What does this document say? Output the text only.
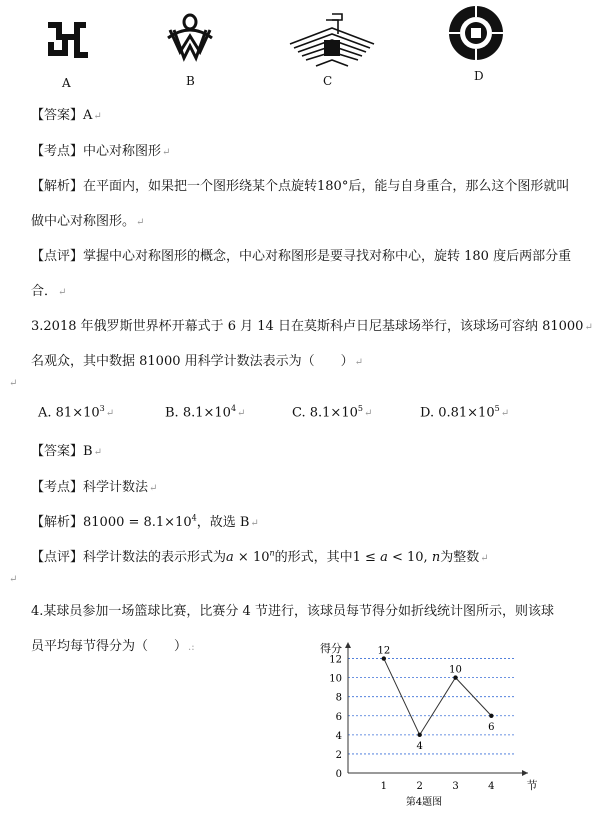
A	B	C	D
【答案】A↵
【考点】中心对称图形↵
【解析】在平面内，如果把一个图形绕某个点旋转180°后，能与自身重合，那么这个图形就叫
做中心对称图形。↵
【点评】掌握中心对称图形的概念，中心对称图形是要寻找对称中心，旋转 180 度后两部分重
合．↵
3.2018 年俄罗斯世界杯开幕式于 6 月 14 日在莫斯科卢日尼基球场举行，该球场可容纳 81000↵
名观众，其中数据 81000 用科学计数法表示为（　　）↵
↵
A. $81\times 10^3↵$	B. $8.1\times 10^4↵$	C. $8.1\times 10^5↵$	D. $0.81\times 10^5↵$
【答案】B↵
【考点】科学计数法↵
【解析】$81000 = 8.1\times 10^4$，故选 B↵
【点评】科学计数法的表示形式为$a \times 10^n$的形式，其中1 ≤ a < 10, n为整数↵
↵
4.某球员参加一场篮球比赛，比赛分 4 节进行，该球员每节得分如折线统计图所示，则该球
员平均每节得分为（　　）.:
0
2
4
6
8
10
12
1	2	3	4
得分
节
12
4
10
6
第4题图
